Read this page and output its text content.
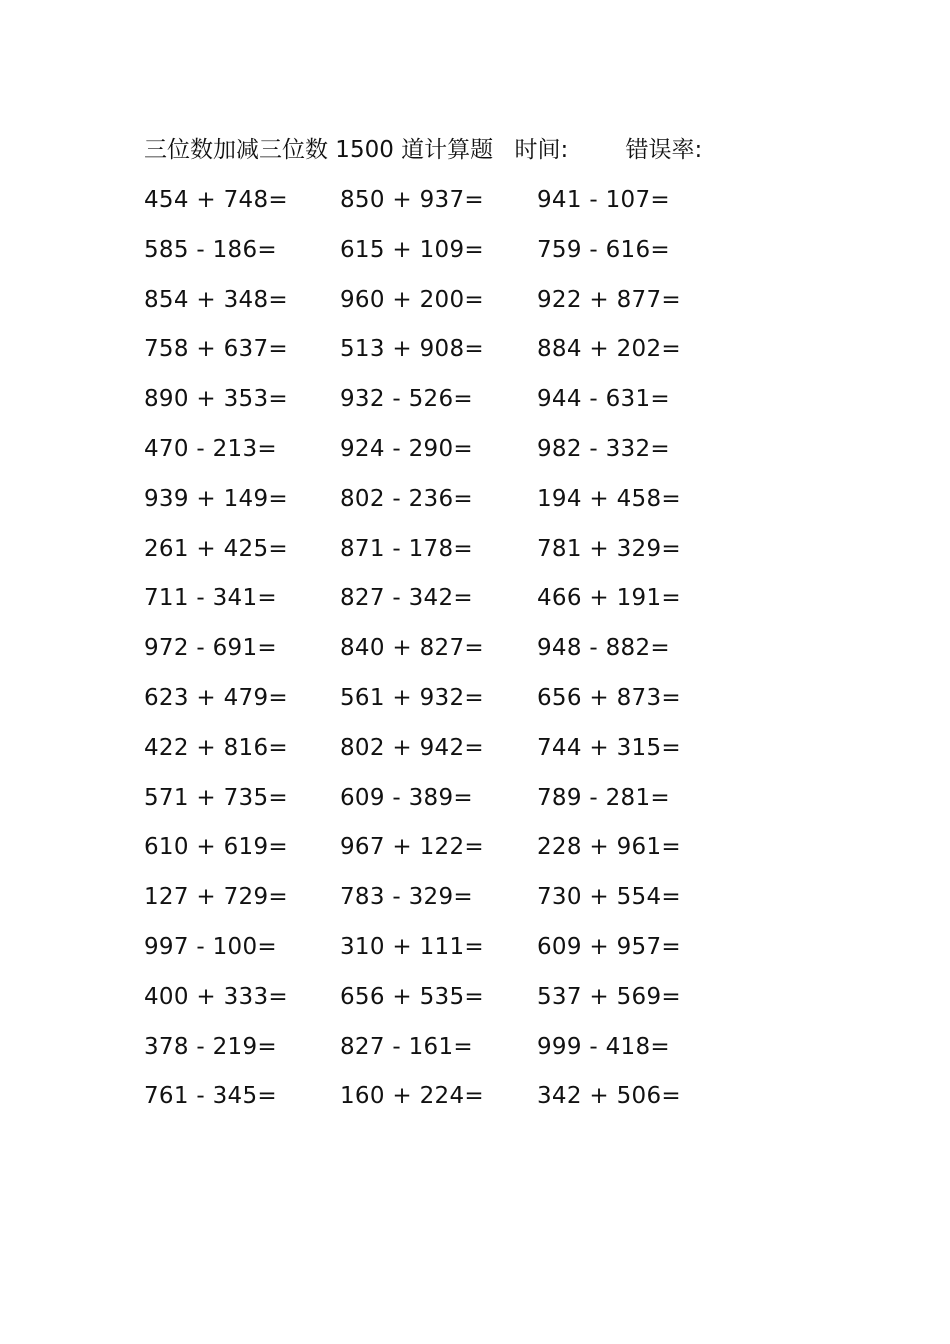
三位数加减三位数 1500 道计算题 时间: 错误率:
454 + 748= 850 + 937= 941 - 107=
585 - 186=	615 + 109= 759 - 616=
854 + 348= 960 + 200= 922 + 877=
758 + 637= 513 + 908= 884 + 202=
890 + 353= 932 - 526=	944 - 631=
470 - 213=	924 - 290=	982 - 332=
939 + 149= 802 - 236=	194 + 458=
261 + 425= 871 - 178=	781 + 329=
711 - 341=	827 - 342=	466 + 191=
972 - 691=	840 + 827= 948 - 882=
623 + 479= 561 + 932= 656 + 873=
422 + 816= 802 + 942= 744 + 315=
571 + 735= 609 - 389=	789 - 281=
610 + 619= 967 + 122= 228 + 961=
127 + 729= 783 - 329=	730 + 554=
997 - 100=	310 + 111= 609 + 957=
400 + 333= 656 + 535= 537 + 569=
378 - 219=	827 - 161=	999 - 418=
761 - 345=	160 + 224= 342 + 506=
